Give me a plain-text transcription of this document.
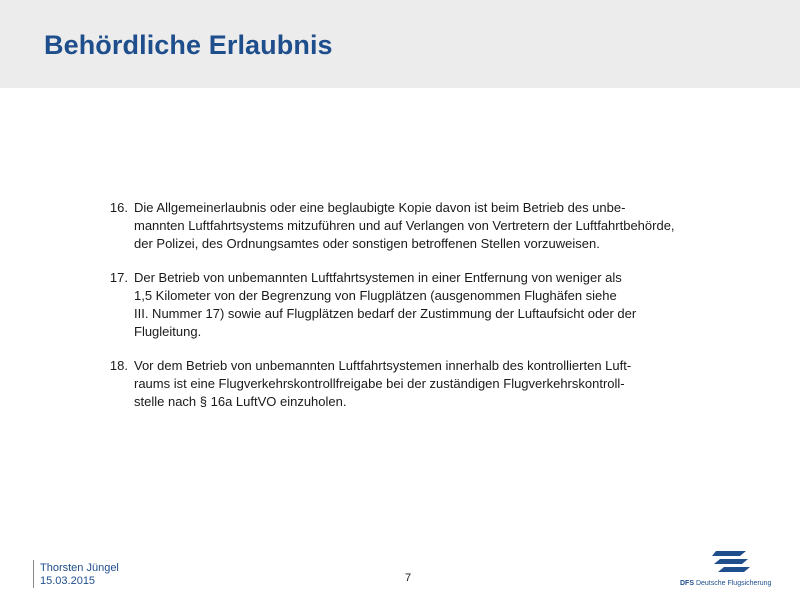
Behördliche Erlaubnis
16. Die Allgemeinerlaubnis oder eine beglaubigte Kopie davon ist beim Betrieb des unbe-
mannten Luftfahrtsystems mitzuführen und auf Verlangen von Vertretern der Luftfahrtbehörde,
der Polizei, des Ordnungsamtes oder sonstigen betroffenen Stellen vorzuweisen.
17. Der Betrieb von unbemannten Luftfahrtsystemen in einer Entfernung von weniger als
1,5 Kilometer von der Begrenzung von Flugplätzen (ausgenommen Flughäfen siehe
III. Nummer 17) sowie auf Flugplätzen bedarf der Zustimmung der Luftaufsicht oder der
Flugleitung.
18. Vor dem Betrieb von unbemannten Luftfahrtsystemen innerhalb des kontrollierten Luft-
raums ist eine Flugverkehrskontrollfreigabe bei der zuständigen Flugverkehrskontroll-
stelle nach § 16a LuftVO einzuholen.
Thorsten Jüngel
15.03.2015	7	DFS Deutsche Flugsicherung
